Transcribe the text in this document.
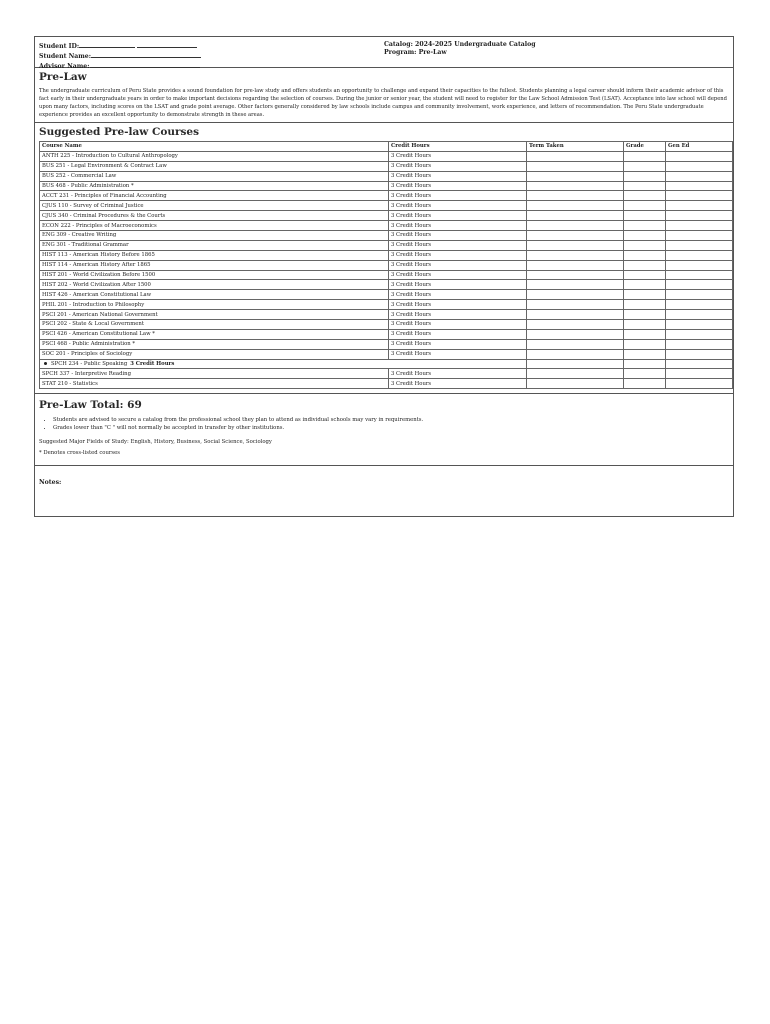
Student ID:
Student Name:
Advisor Name:
Catalog: 2024-2025 Undergraduate Catalog
Program: Pre-Law
Pre-Law

The undergraduate curriculum of Peru State provides a sound foundation for pre-law study and offers students an opportunity to challenge and expand their capacities to the fullest. Students planning a legal career should inform their academic advisor of this fact early in their undergraduate years in order to make important decisions regarding the selection of courses. During the junior or senior year, the student will need to register for the Law School Admission Test (LSAT). Acceptance into law school will depend upon many factors, including scores on the LSAT and grade point average. Other factors generally considered by law schools include campus and community involvement, work experience, and letters of recommendation. The Peru State undergraduate experience provides an excellent opportunity to demonstrate strength in these areas.

Suggested Pre-law Courses
Course Name	Credit Hours	Term Taken	Grade	Gen Ed
ANTH 225 - Introduction to Cultural Anthropology	3 Credit Hours			
BUS 251 - Legal Environment & Contract Law	3 Credit Hours			
BUS 252 - Commercial Law	3 Credit Hours			
BUS 468 - Public Administration *	3 Credit Hours			
ACCT 231 - Principles of Financial Accounting	3 Credit Hours			
CJUS 110 - Survey of Criminal Justice	3 Credit Hours			
CJUS 340 - Criminal Procedures & the Courts	3 Credit Hours			
ECON 222 - Principles of Macroeconomics	3 Credit Hours			
ENG 309 - Creative Writing	3 Credit Hours			
ENG 301 - Traditional Grammar	3 Credit Hours			
HIST 113 - American History Before 1865	3 Credit Hours			
HIST 114 - American History After 1865	3 Credit Hours			
HIST 201 - World Civilization Before 1500	3 Credit Hours			
HIST 202 - World Civilization After 1500	3 Credit Hours			
HIST 426 - American Constitutional Law	3 Credit Hours			
PHIL 201 - Introduction to Philosophy	3 Credit Hours			
PSCI 201 - American National Government	3 Credit Hours			
PSCI 202 - State & Local Government	3 Credit Hours			
PSCI 426 - American Constitutional Law *	3 Credit Hours			
PSCI 468 - Public Administration *	3 Credit Hours			
SOC 201 - Principles of Sociology	3 Credit Hours			
SPCH 234 - Public Speaking 3 Credit Hours				
SPCH 337 - Interpretive Reading	3 Credit Hours			
STAT 210 - Statistics	3 Credit Hours			
Pre-Law Total: 69
• Students are advised to secure a catalog from the professional school they plan to attend as individual schools may vary in requirements.
• Grades lower than "C " will not normally be accepted in transfer by other institutions.

Suggested Major Fields of Study: English, History, Business, Social Science, Sociology

* Denotes cross-listed courses

Notes:
